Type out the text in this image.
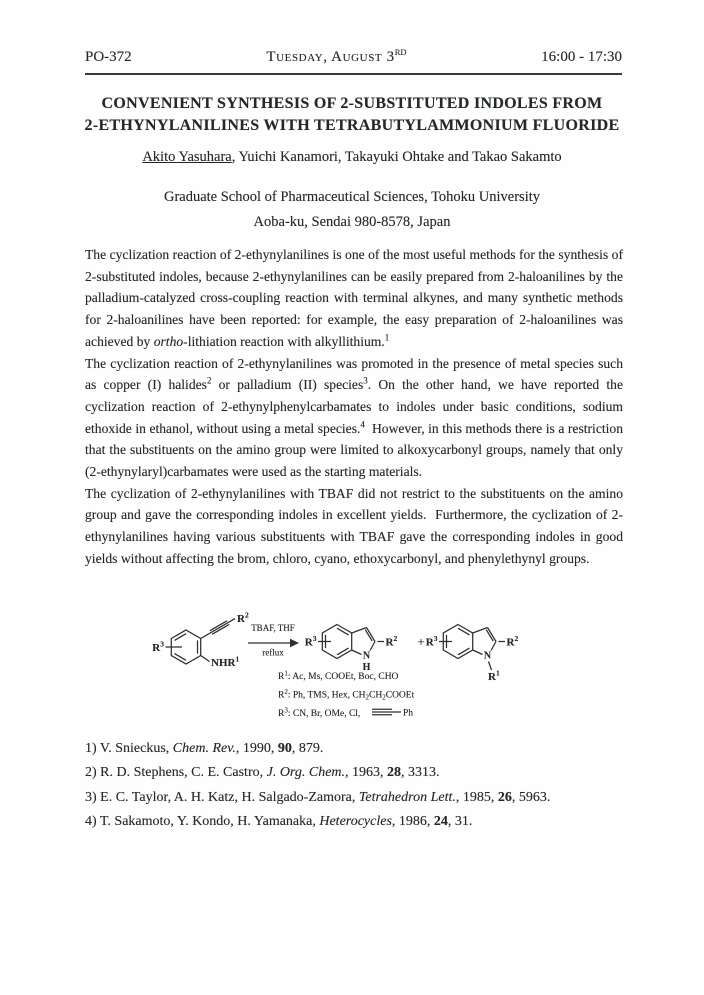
PO-372	Tuesday, August 3RD	16:00 - 17:30
CONVENIENT SYNTHESIS OF 2-SUBSTITUTED INDOLES FROM
2-ETHYNYLANILINES WITH TETRABUTYLAMMONIUM FLUORIDE
Akito Yasuhara, Yuichi Kanamori, Takayuki Ohtake and Takao Sakamto
Graduate School of Pharmaceutical Sciences, Tohoku University
Aoba-ku, Sendai 980-8578, Japan

The cyclization reaction of 2-ethynylanilines is one of the most useful methods for the synthesis of 2-substituted indoles, because 2-ethynylanilines can be easily prepared from 2-haloanilines by the palladium-catalyzed cross-coupling reaction with terminal alkynes, and many synthetic methods for 2-haloanilines have been reported: for example, the easy preparation of 2-haloanilines was achieved by ortho-lithiation reaction with alkyllithium.$^1$

The cyclization reaction of 2-ethynylanilines was promoted in the presence of metal species such as copper (I) halides$^2$ or palladium (II) species$^3$. On the other hand, we have reported the cyclization reaction of 2-ethynylphenylcarbamates to indoles under basic conditions, sodium ethoxide in ethanol, without using a metal species.$^4$  However, in this methods there is a restriction that the substituents on the amino group were limited to alkoxycarbonyl groups, namely that only (2-ethynylaryl)carbamates were used as the starting materials.

The cyclization of 2-ethynylanilines with TBAF did not restrict to the substituents on the amino group and gave the corresponding indoles in excellent yields.  Furthermore, the cyclization of 2-ethynylanilines having various substituents with TBAF gave the corresponding indoles in good yields without affecting the brom, chloro, cyano, ethoxycarbonyl, and phenylethynyl groups.

$R^3$
$R^2$
NHR$^1$
TBAF, THF
reflux	N
H
$R^2$
$R^3$	+
N
$R^1$
$R^2$
$R^3$
$R^1$: Ac, Ms, COOEt, Boc, CHO
$R^2$: Ph, TMS, Hex, $CH_2CH_2COOEt$
$R^3$: CN, Br, OMe, Cl,	Ph
1) V. Snieckus, Chem. Rev., 1990, 90, 879.
2) R. D. Stephens, C. E. Castro, J. Org. Chem., 1963, 28, 3313.
3) E. C. Taylor, A. H. Katz, H. Salgado-Zamora, Tetrahedron Lett., 1985, 26, 5963.
4) T. Sakamoto, Y. Kondo, H. Yamanaka, Heterocycles, 1986, 24, 31.
